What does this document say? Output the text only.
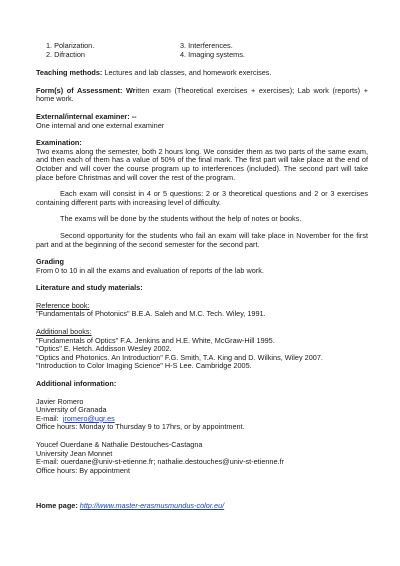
1. Polarization.	3. Interferences.
2. Difraction	4. Imaging systems.

Teaching methods: Lectures and lab classes, and homework exercises.

Form(s) of Assessment: Written exam (Theoretical exercises + exercises); Lab work (reports) + home work.

External/internal examiner: --
One internal and one external examiner
Examination:

Two exams along the semester, both 2 hours long. We consider them as two parts of the same exam, and then each of them has a value of 50% of the final mark. The first part will take place at the end of October and will cover the course program up to interferences (included). The second part will take place before Christmas and will cover the rest of the program.

Each exam will consist in 4 or 5 questions: 2 or 3 theoretical questions and 2 or 3 exercises containing different parts with increasing level of difficulty.

The exams will be done by the students without the help of notes or books.

Second opportunity for the students who fail an exam will take place in November for the first part and at the beginning of the second semester for the second part.

Grading
From 0 to 10 in all the exams and evaluation of reports of the lab work.
Literature and study materials:
Reference book:
"Fundamentals of Photonics" B.E.A. Saleh and M.C. Tech. Wiley, 1991.
Additional books:
"Fundamentals of Optics" F.A. Jenkins and H.E. White, McGraw-Hill 1995.
"Optics" E. Hetch. Addisson Wesley 2002.
"Optics and Photonics. An Introduction" F.G. Smith, T.A. King and D. Wilkins, Wiley 2007.
"Introduction to Color Imaging Science" H-S Lee. Cambridge 2005.
Additional information:
Javier Romero
University of Granada
E-mail:  jromero@ugr.es
Office hours: Monday to Thursday 9 to 17hrs, or by appointment.
Youcef Ouerdane & Nathalie Destouches-Castagna
University Jean Monnet
E-mail: ouerdane@univ-st-etienne.fr; nathalie.destouches@univ-st-etienne.fr
Office hours: By appointment
Home page: http://www.master-erasmusmundus-color.eu/
